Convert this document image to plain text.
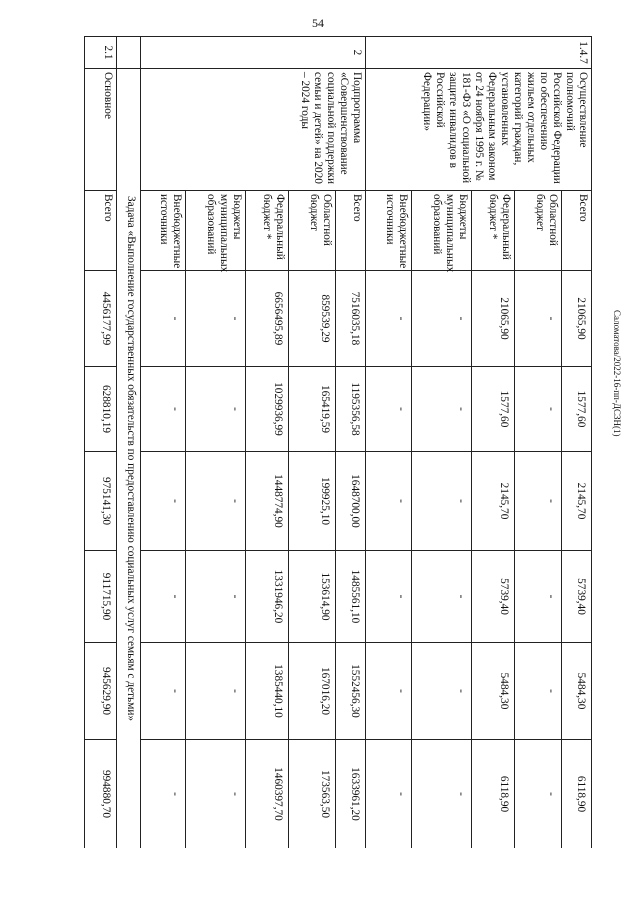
54
Саломатова/2022-16-пп-ДСЗН(1)
1.4.7	Осуществление полномочий Российской Федерации по обеспечению жильем отдельных категорий граждан, установленных Федеральным законом от 24 ноября 1995 г. № 181-ФЗ «О социальной защите инвалидов в Российской Федерации»	Всего	21065,90	1577,60	2145,70	5739,40	5484,30	6118,90
		Областной бюджет	-	-	-	-	-	-
		Федеральный бюджет *	21065,90	1577,60	2145,70	5739,40	5484,30	6118,90
		Бюджеты муниципальных образований	-	-	-	-	-	-
		Внебюджетные источники	-	-	-	-	-	-
2	Подпрограмма «Совершенствование социальной поддержки семьи и детей» на 2020 – 2024 годы	Всего	7516035,18	1195356,58	1648700,00	1485561,10	1552456,30	1633961,20
		Областной бюджет	859539,29	165419,59	199925,10	153614,90	167016,20	173563,50
		Федеральный бюджет *	6656495,89	1029936,99	1448774,90	1331946,20	1385440,10	1460397,70
		Бюджеты муниципальных образований	-	-	-	-	-	-
		Внебюджетные источники	-	-	-	-	-	-
	Задача «Выполнение государственных обязательств по предоставлению социальных услуг семьям с детьми»							
2.1	Основное	Всего	4456177,99	628810,19	975141,30	911715,90	945629,90	994880,70
